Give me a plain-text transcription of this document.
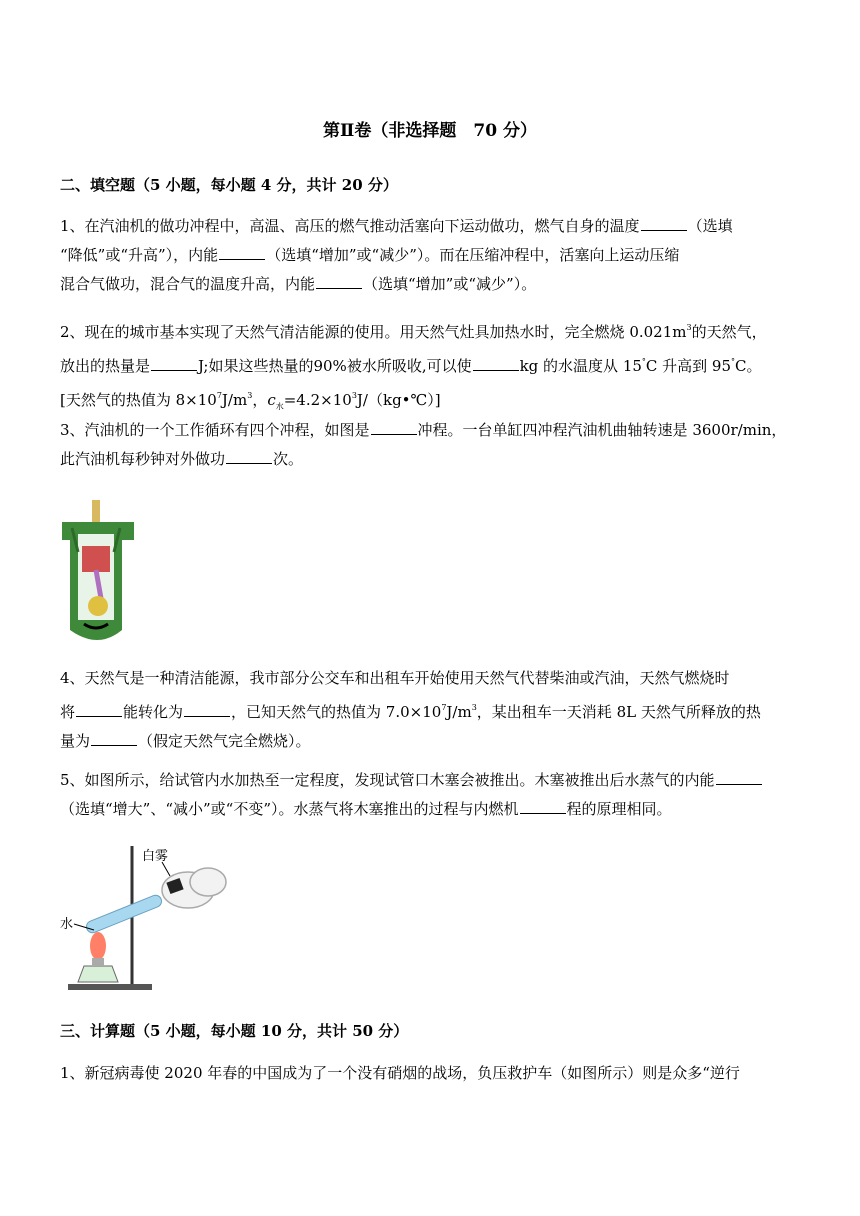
第Ⅱ卷（非选择题　70 分）
二、填空题（5 小题，每小题 4 分，共计 20 分）
1、在汽油机的做功冲程中，高温、高压的燃气推动活塞向下运动做功，燃气自身的温度	（选填
“降低”或“升高”），内能	（选填“增加”或“减少”）。而在压缩冲程中，活塞向上运动压缩
混合气做功，混合气的温度升高，内能	（选填“增加”或“减少”）。
2、现在的城市基本实现了天然气清洁能源的使用。用天然气灶具加热水时，完全燃烧 $0.021m^3$的天然气，
放出的热量是	J;如果这些热量的90%被水所吸收,可以使	kg 的水温度从 15°C 升高到 95°C。
[天然气的热值为 $8\times 10^7J/m^3$，$c_水=4.2\times 10^3J/(kg•℃)$]
3、汽油机的一个工作循环有四个冲程，如图是	冲程。一台单缸四冲程汽油机曲轴转速是 3600r/min，
此汽油机每秒钟对外做功	次。
4、天然气是一种清洁能源，我市部分公交车和出租车开始使用天然气代替柴油或汽油，天然气燃烧时
将	能转化为	，已知天然气的热值为 $7.0\times 10^7J/m^3$，某出租车一天消耗 8L 天然气所释放的热
量为	（假定天然气完全燃烧）。
5、如图所示，给试管内水加热至一定程度，发现试管口木塞会被推出。木塞被推出后水蒸气的内能
（选填“增大”、“减小”或“不变”）。水蒸气将木塞推出的过程与内燃机	程的原理相同。
白雾
水
三、计算题（5 小题，每小题 10 分，共计 50 分）
1、新冠病毒使 2020 年春的中国成为了一个没有硝烟的战场，负压救护车（如图所示）则是众多“逆行
